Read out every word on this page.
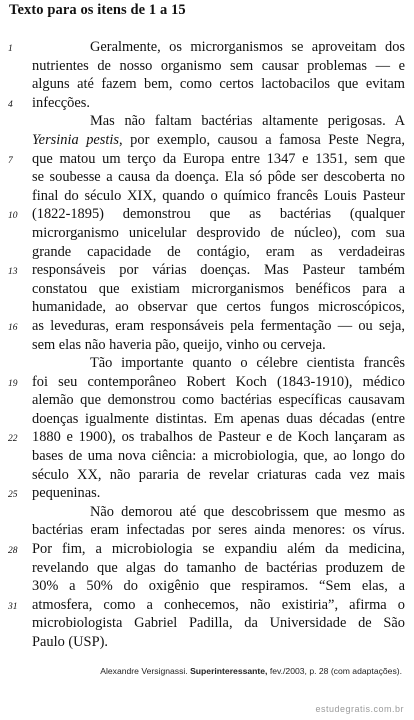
Texto para os itens de 1 a 15
1	Geralmente, os microrganismos se aproveitam dos
nutrientes de nosso organismo sem causar problemas — e
alguns até fazem bem, como certos lactobacilos que evitam
4	infecções.
Mas não faltam bactérias altamente perigosas. A
Yersinia pestis, por exemplo, causou a famosa Peste Negra,
7	que matou um terço da Europa entre 1347 e 1351, sem que
se soubesse a causa da doença. Ela só pôde ser descoberta no
final do século XIX, quando o químico francês Louis Pasteur
10 (1822-1895) demonstrou que as bactérias (qualquer
microrganismo unicelular desprovido de núcleo), com sua
grande capacidade de contágio, eram as verdadeiras
13 responsáveis por várias doenças. Mas Pasteur também
constatou que existiam microrganismos benéficos para a
humanidade, ao observar que certos fungos microscópicos,
16 as leveduras, eram responsáveis pela fermentação — ou seja,
sem elas não haveria pão, queijo, vinho ou cerveja.
Tão importante quanto o célebre cientista francês
19 foi seu contemporâneo Robert Koch (1843-1910), médico
alemão que demonstrou como bactérias específicas causavam
doenças igualmente distintas. Em apenas duas décadas (entre
22 1880 e 1900), os trabalhos de Pasteur e de Koch lançaram as
bases de uma nova ciência: a microbiologia, que, ao longo do
século XX, não pararia de revelar criaturas cada vez mais
25 pequeninas.
Não demorou até que descobrissem que mesmo as
bactérias eram infectadas por seres ainda menores: os vírus.
28 Por fim, a microbiologia se expandiu além da medicina,
revelando que algas do tamanho de bactérias produzem de
30% a 50% do oxigênio que respiramos. “Sem elas, a
31 atmosfera, como a conhecemos, não existiria”, afirma o
microbiologista Gabriel Padilla, da Universidade de São
Paulo (USP).
Alexandre Versignassi. Superinteressante, fev./2003, p. 28 (com adaptações).
estudegratis.com.br
